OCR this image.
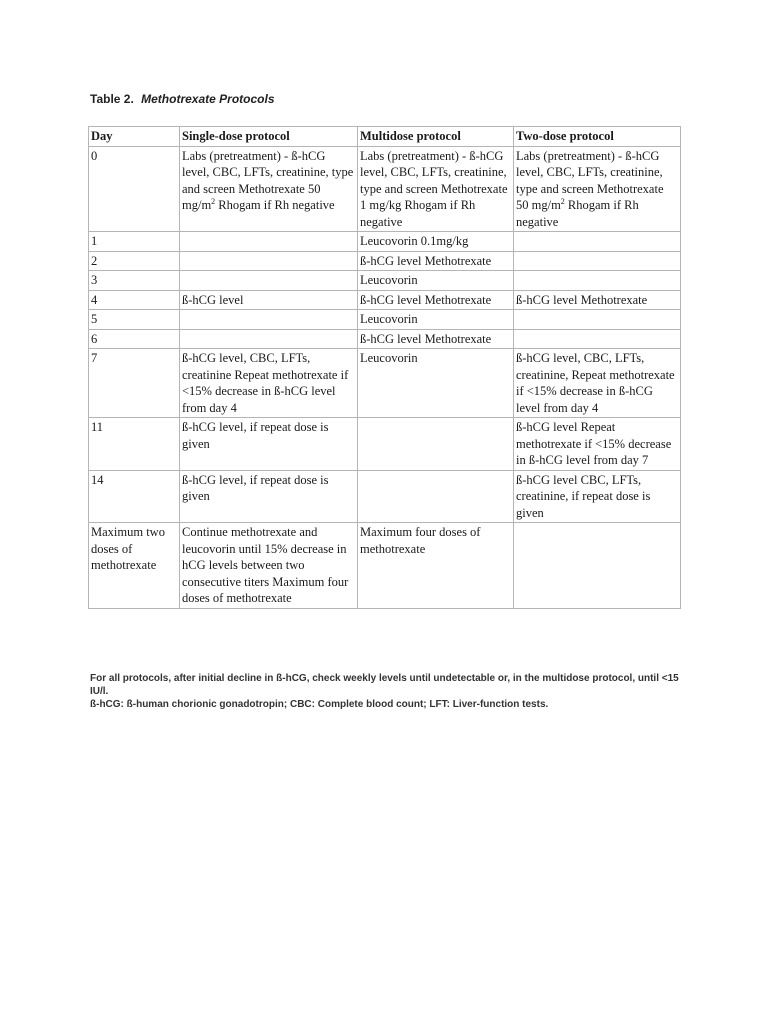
Table 2. Methotrexate Protocols
Day	Single-dose protocol	Multidose protocol	Two-dose protocol
0	Labs (pretreatment) - ß-hCG level, CBC, LFTs, creatinine, type and screen Methotrexate 50 $mg/m^2$ Rhogam if Rh negative	Labs (pretreatment) - ß-hCG level, CBC, LFTs, creatinine, type and screen Methotrexate 1 mg/kg Rhogam if Rh negative	Labs (pretreatment) - ß-hCG level, CBC, LFTs, creatinine, type and screen Methotrexate 50 $mg/m^2$ Rhogam if Rh negative
1		Leucovorin 0.1mg/kg	
2		ß-hCG level Methotrexate	
3		Leucovorin	
4	ß-hCG level	ß-hCG level Methotrexate	ß-hCG level Methotrexate
5		Leucovorin	
6		ß-hCG level Methotrexate	
7	ß-hCG level, CBC, LFTs, creatinine Repeat methotrexate if <15% decrease in ß-hCG level from day 4	Leucovorin	ß-hCG level, CBC, LFTs, creatinine, Repeat methotrexate if <15% decrease in ß-hCG level from day 4
11	ß-hCG level, if repeat dose is given		ß-hCG level Repeat methotrexate if <15% decrease in ß-hCG level from day 7
14	ß-hCG level, if repeat dose is given		ß-hCG level CBC, LFTs, creatinine, if repeat dose is given
Maximum two doses of methotrexate	Continue methotrexate and leucovorin until 15% decrease in hCG levels between two consecutive titers Maximum four doses of methotrexate	Maximum four doses of methotrexate	

For all protocols, after initial decline in ß-hCG, check weekly levels until undetectable or, in the multidose protocol, until <15 IU/l.

ß-hCG: ß-human chorionic gonadotropin; CBC: Complete blood count; LFT: Liver-function tests.
